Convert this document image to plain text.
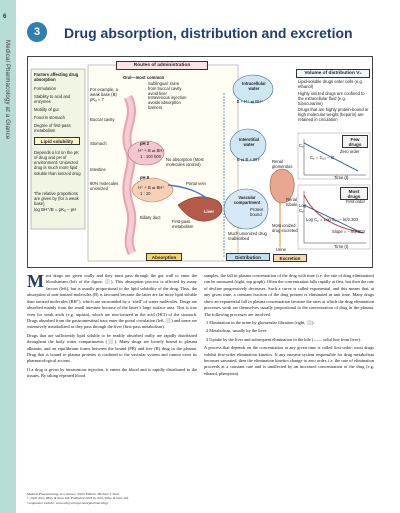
6
Medical Pharmacology at a Glance
3	Drug absorption, distribution and excretion
Factors affecting drug absorption
Formulation
Stability to acid and enzymes
Motility of gut
Food in stomach
Degree of first-pass metabolism
Lipid solubility
Depends a lot on the pK of drug and pH of environment. Unionized drug is much more lipid soluble than ionized drug
The relative proportions are given by (for a weak base)
log BH⁺/B = pKₐ − pH
Routes of administration
Oral—most common
Sublingual: rains from buccal cavity avoid liver
Intravenous injection avoids absorption barriers
For example, a weak base (B) pKₐ = 7
Buccal cavity
Stomach	pH 2
H⁺ + B ⇌ BH⁺
1 : 100 000
No absorption (Most molecules ionized)
Intestine
pH 8
H⁺ + B ⇌ BH⁺
1 : 10
90% molecules unionized
Portal vein
Biliary duct
First-pass metabolism
Liver
Absorption
Intracellular water
Interstitial water
Vascular compartment
Protein bound
Much unionized drug reabsorbed
Most ionized drug excreted
B + H⁺ ⇌ BH⁺
B ⇌ B + BH⁺
Distribution
Renal glomerulus
Renal tubule
Urine
Excretion
Volume of distribution V₀
Lipid-soluble drugs enter cells (e.g. ethanol)
Highly ionized drugs are confined to the extracellular fluid (e.g. tubocurarine)
Drugs that are highly protein-bound or high molecular weight (heparin) are retained in circulation
Few drugs
Zero order
Cₚ
Cₚ = Cₚ₀ − kt
Time (t)
Most drugs
First order
Log Cₚ
Log Cₚ = Log Cₚ₀ − kt/2.303
Slope = − k/2.303
Time (t)

Most drugs are given orally and they must pass through the gut wall to enter the bloodstream (left of the figure, ⬜). This absorption process is affected by many factors (left), but is usually proportional to the lipid solubility of the drug. Thus, the absorption of non-ionized molecules (B) is favoured because the latter are far more lipid soluble than ionized molecules (BH⁺), which are surrounded by a ‘shell’ of water molecules. Drugs are absorbed mainly from the small intestine because of the latter’s large surface area. This is true even for weak acids (e.g. aspirin), which are non-ionized in the acid (HCl) of the stomach. Drugs absorbed from the gastrointestinal tract enter the portal circulation (left, ⬜) and some are extensively metabolized as they pass through the liver (first-pass metabolism).

Drugs that are sufficiently lipid soluble to be readily absorbed orally are rapidly distributed throughout the body water compartments (⬜). Many drugs are loosely bound to plasma albumin, and an equilibrium forms between the bound (PB) and free (B) drug in the plasma. Drug that is bound to plasma proteins is confined to the vascular system and cannot exert its pharmacological actions.

If a drug is given by intravenous injection, it enters the blood and is rapidly distributed to the tissues. By taking repeated blood

samples, the fall in plasma concentration of the drug with time (i.e. the rate of drug elimination) can be measured (right, top graph). Often the concentration falls rapidly at first, but then the rate of decline progressively decreases. Such a curve is called exponential, and this means that, at any given time, a constant fraction of the drug present is eliminated in unit time. Many drugs show an exponential fall in plasma concentration because the rates at which the drug elimination processes work are themselves usually proportional to the concentration of drug in the plasma. The following processes are involved.

1 Elimination in the urine by glomerular filtration (right, ⬜).

2 Metabolism, usually by the liver.

3 Uptake by the liver and subsequent elimination in the bile (—— solid line from liver).

A process that depends on the concentration at any given time is called first order; most drugs exhibit first-order elimination kinetics. If any enzyme system responsible for drug metabolism becomes saturated, then the elimination kinetics change to zero order, i.e. the rate of elimination proceeds at a constant rate and is unaffected by an increased concentration of the drug (e.g. ethanol, phenytoin).

Medical Pharmacology at a Glance, Ninth Edition. Michael J. Neal.
© 2020 John Wiley & Sons Ltd. Published 2020 by John Wiley & Sons Ltd.
Companion website: www.wiley.com/go/neal/pharmacology
